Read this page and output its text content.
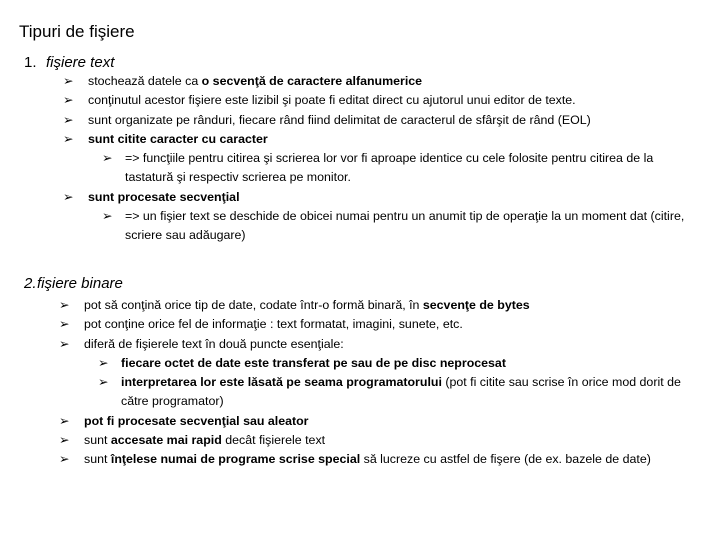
Tipuri de fişiere
1. fişiere text
➢	stochează datele ca o secvenţă de caractere alfanumerice
➢	conţinutul acestor fişiere este lizibil şi poate fi editat direct cu ajutorul unui editor de texte.
➢	sunt organizate pe rânduri, fiecare rând fiind delimitat de caracterul de sfârşit de rând (EOL)
➢	sunt citite caracter cu caracter
➢	=> funcţiile pentru citirea şi scrierea lor vor fi aproape identice cu cele folosite pentru citirea de la tastatură şi respectiv scrierea pe monitor.
➢	sunt procesate secvenţial
➢	=> un fişier text se deschide de obicei numai pentru un anumit tip de operaţie la un moment dat (citire, scriere sau adăugare)
2.fişiere binare
➢	pot să conţină orice tip de date, codate într-o formă binară, în secvenţe de bytes
➢	pot conţine orice fel de informaţie : text formatat, imagini, sunete, etc.
➢	diferă de fişierele text în două puncte esenţiale:
➢	fiecare octet de date este transferat pe sau de pe disc neprocesat
➢	interpretarea lor este lăsată pe seama programatorului (pot fi citite sau scrise în orice mod dorit de către programator)
➢	pot fi procesate secvenţial sau aleator
➢	sunt accesate mai rapid decât fişierele text
➢	sunt înţelese numai de programe scrise special să lucreze cu astfel de fişere (de ex. bazele de date)
